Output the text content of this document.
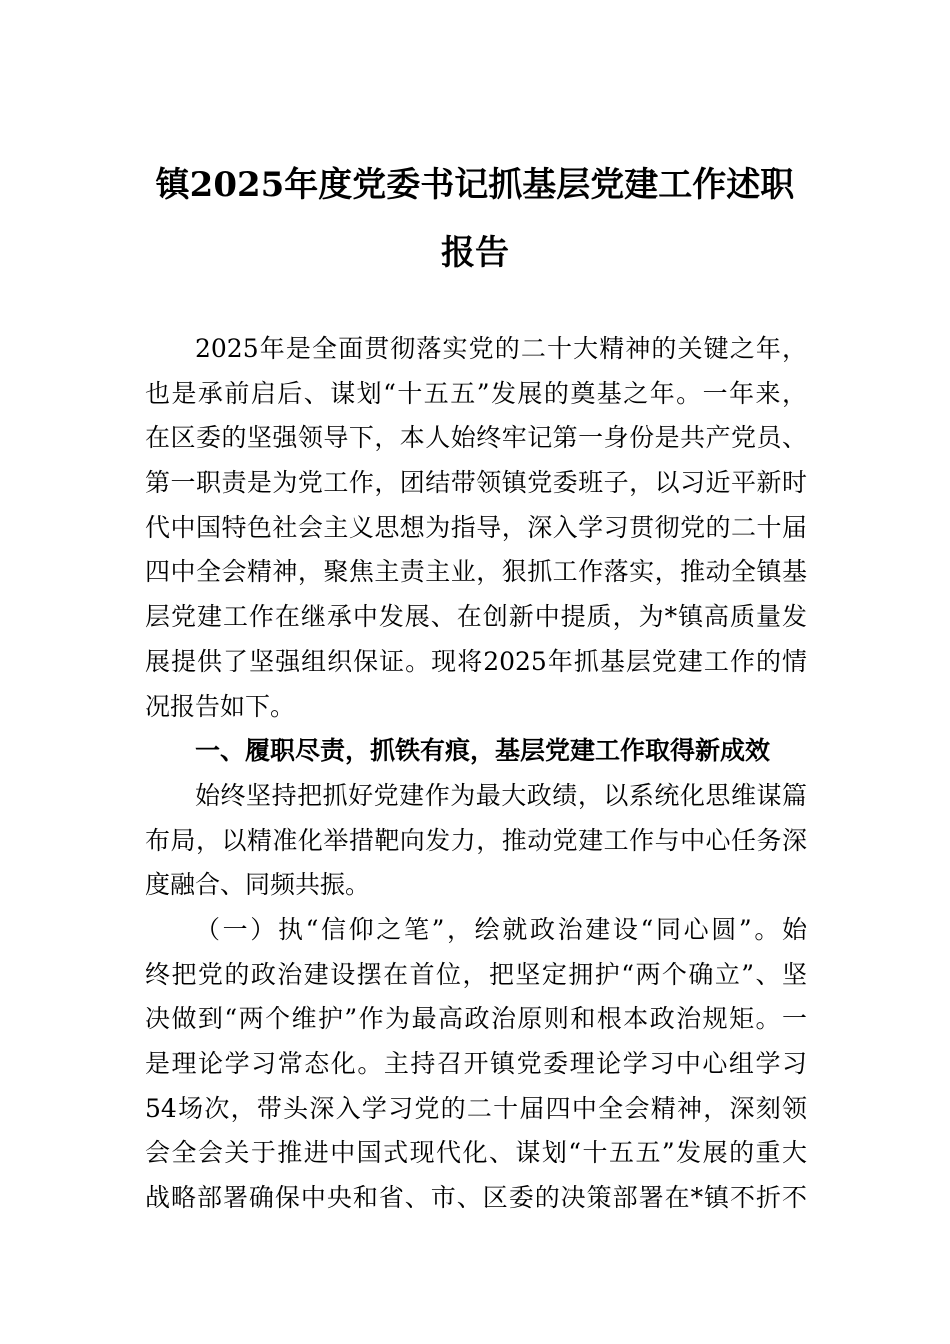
镇2025年度党委书记抓基层党建工作述职
报告
2025年是全面贯彻落实党的二十大精神的关键之年，
也是承前启后、谋划“十五五”发展的奠基之年。一年来，
在区委的坚强领导下，本人始终牢记第一身份是共产党员、
第一职责是为党工作，团结带领镇党委班子，以习近平新时
代中国特色社会主义思想为指导，深入学习贯彻党的二十届
四中全会精神，聚焦主责主业，狠抓工作落实，推动全镇基
层党建工作在继承中发展、在创新中提质，为*镇高质量发
展提供了坚强组织保证。现将2025年抓基层党建工作的情
况报告如下。
一、履职尽责，抓铁有痕，基层党建工作取得新成效
始终坚持把抓好党建作为最大政绩，以系统化思维谋篇
布局，以精准化举措靶向发力，推动党建工作与中心任务深
度融合、同频共振。
（一）执“信仰之笔”，绘就政治建设“同心圆”。始
终把党的政治建设摆在首位，把坚定拥护“两个确立”、坚
决做到“两个维护”作为最高政治原则和根本政治规矩。一
是理论学习常态化。主持召开镇党委理论学习中心组学习
54场次，带头深入学习党的二十届四中全会精神，深刻领
会全会关于推进中国式现代化、谋划“十五五”发展的重大
战略部署确保中央和省、市、区委的决策部署在*镇不折不
